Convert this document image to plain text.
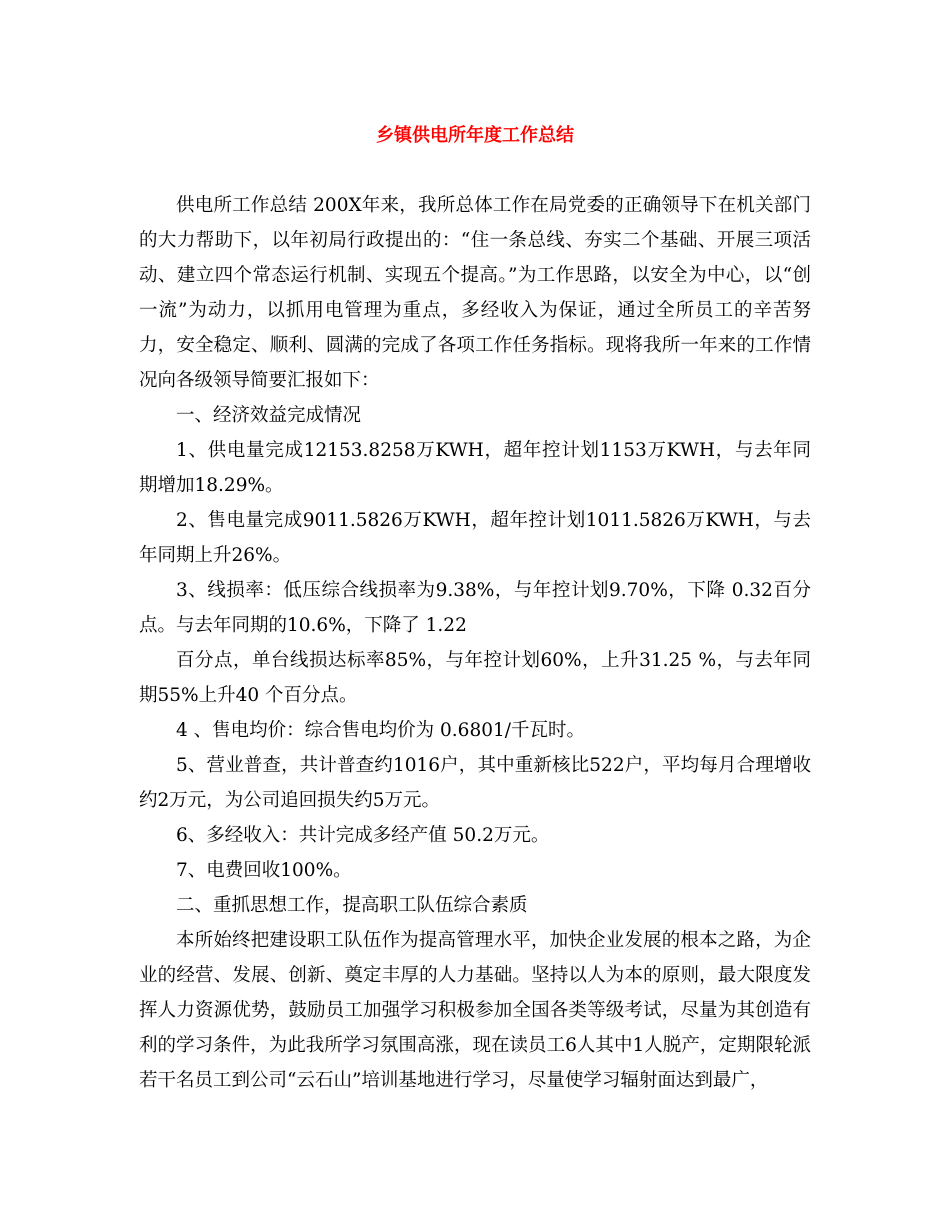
乡镇供电所年度工作总结

供电所工作总结 200X年来，我所总体工作在局党委的正确领导下在机关部门的大力帮助下，以年初局行政提出的：“住一条总线、夯实二个基础、开展三项活动、建立四个常态运行机制、实现五个提高。”为工作思路，以安全为中心，以“创一流”为动力，以抓用电管理为重点，多经收入为保证，通过全所员工的辛苦努力，安全稳定、顺利、圆满的完成了各项工作任务指标。现将我所一年来的工作情况向各级领导简要汇报如下：

一、经济效益完成情况

1、供电量完成12153.8258万KWH，超年控计划1153万KWH，与去年同期增加18.29%。

2、售电量完成9011.5826万KWH，超年控计划1011.5826万KWH，与去年同期上升26%。

3、线损率：低压综合线损率为9.38%，与年控计划9.70%，下降 0.32百分点。与去年同期的10.6%，下降了 1.22

百分点，单台线损达标率85%，与年控计划60%，上升31.25 %，与去年同期55%上升40 个百分点。

4 、售电均价：综合售电均价为 0.6801/千瓦时。

5、营业普查，共计普查约1016户，其中重新核比522户，平均每月合理增收约2万元，为公司追回损失约5万元。

6、多经收入：共计完成多经产值 50.2万元。

7、电费回收100%。

二、重抓思想工作，提高职工队伍综合素质

本所始终把建设职工队伍作为提高管理水平，加快企业发展的根本之路，为企业的经营、发展、创新、奠定丰厚的人力基础。坚持以人为本的原则，最大限度发挥人力资源优势，鼓励员工加强学习积极参加全国各类等级考试，尽量为其创造有利的学习条件，为此我所学习氛围高涨，现在读员工6人其中1人脱产，定期限轮派若干名员工到公司“云石山”培训基地进行学习，尽量使学习辐射面达到最广，
